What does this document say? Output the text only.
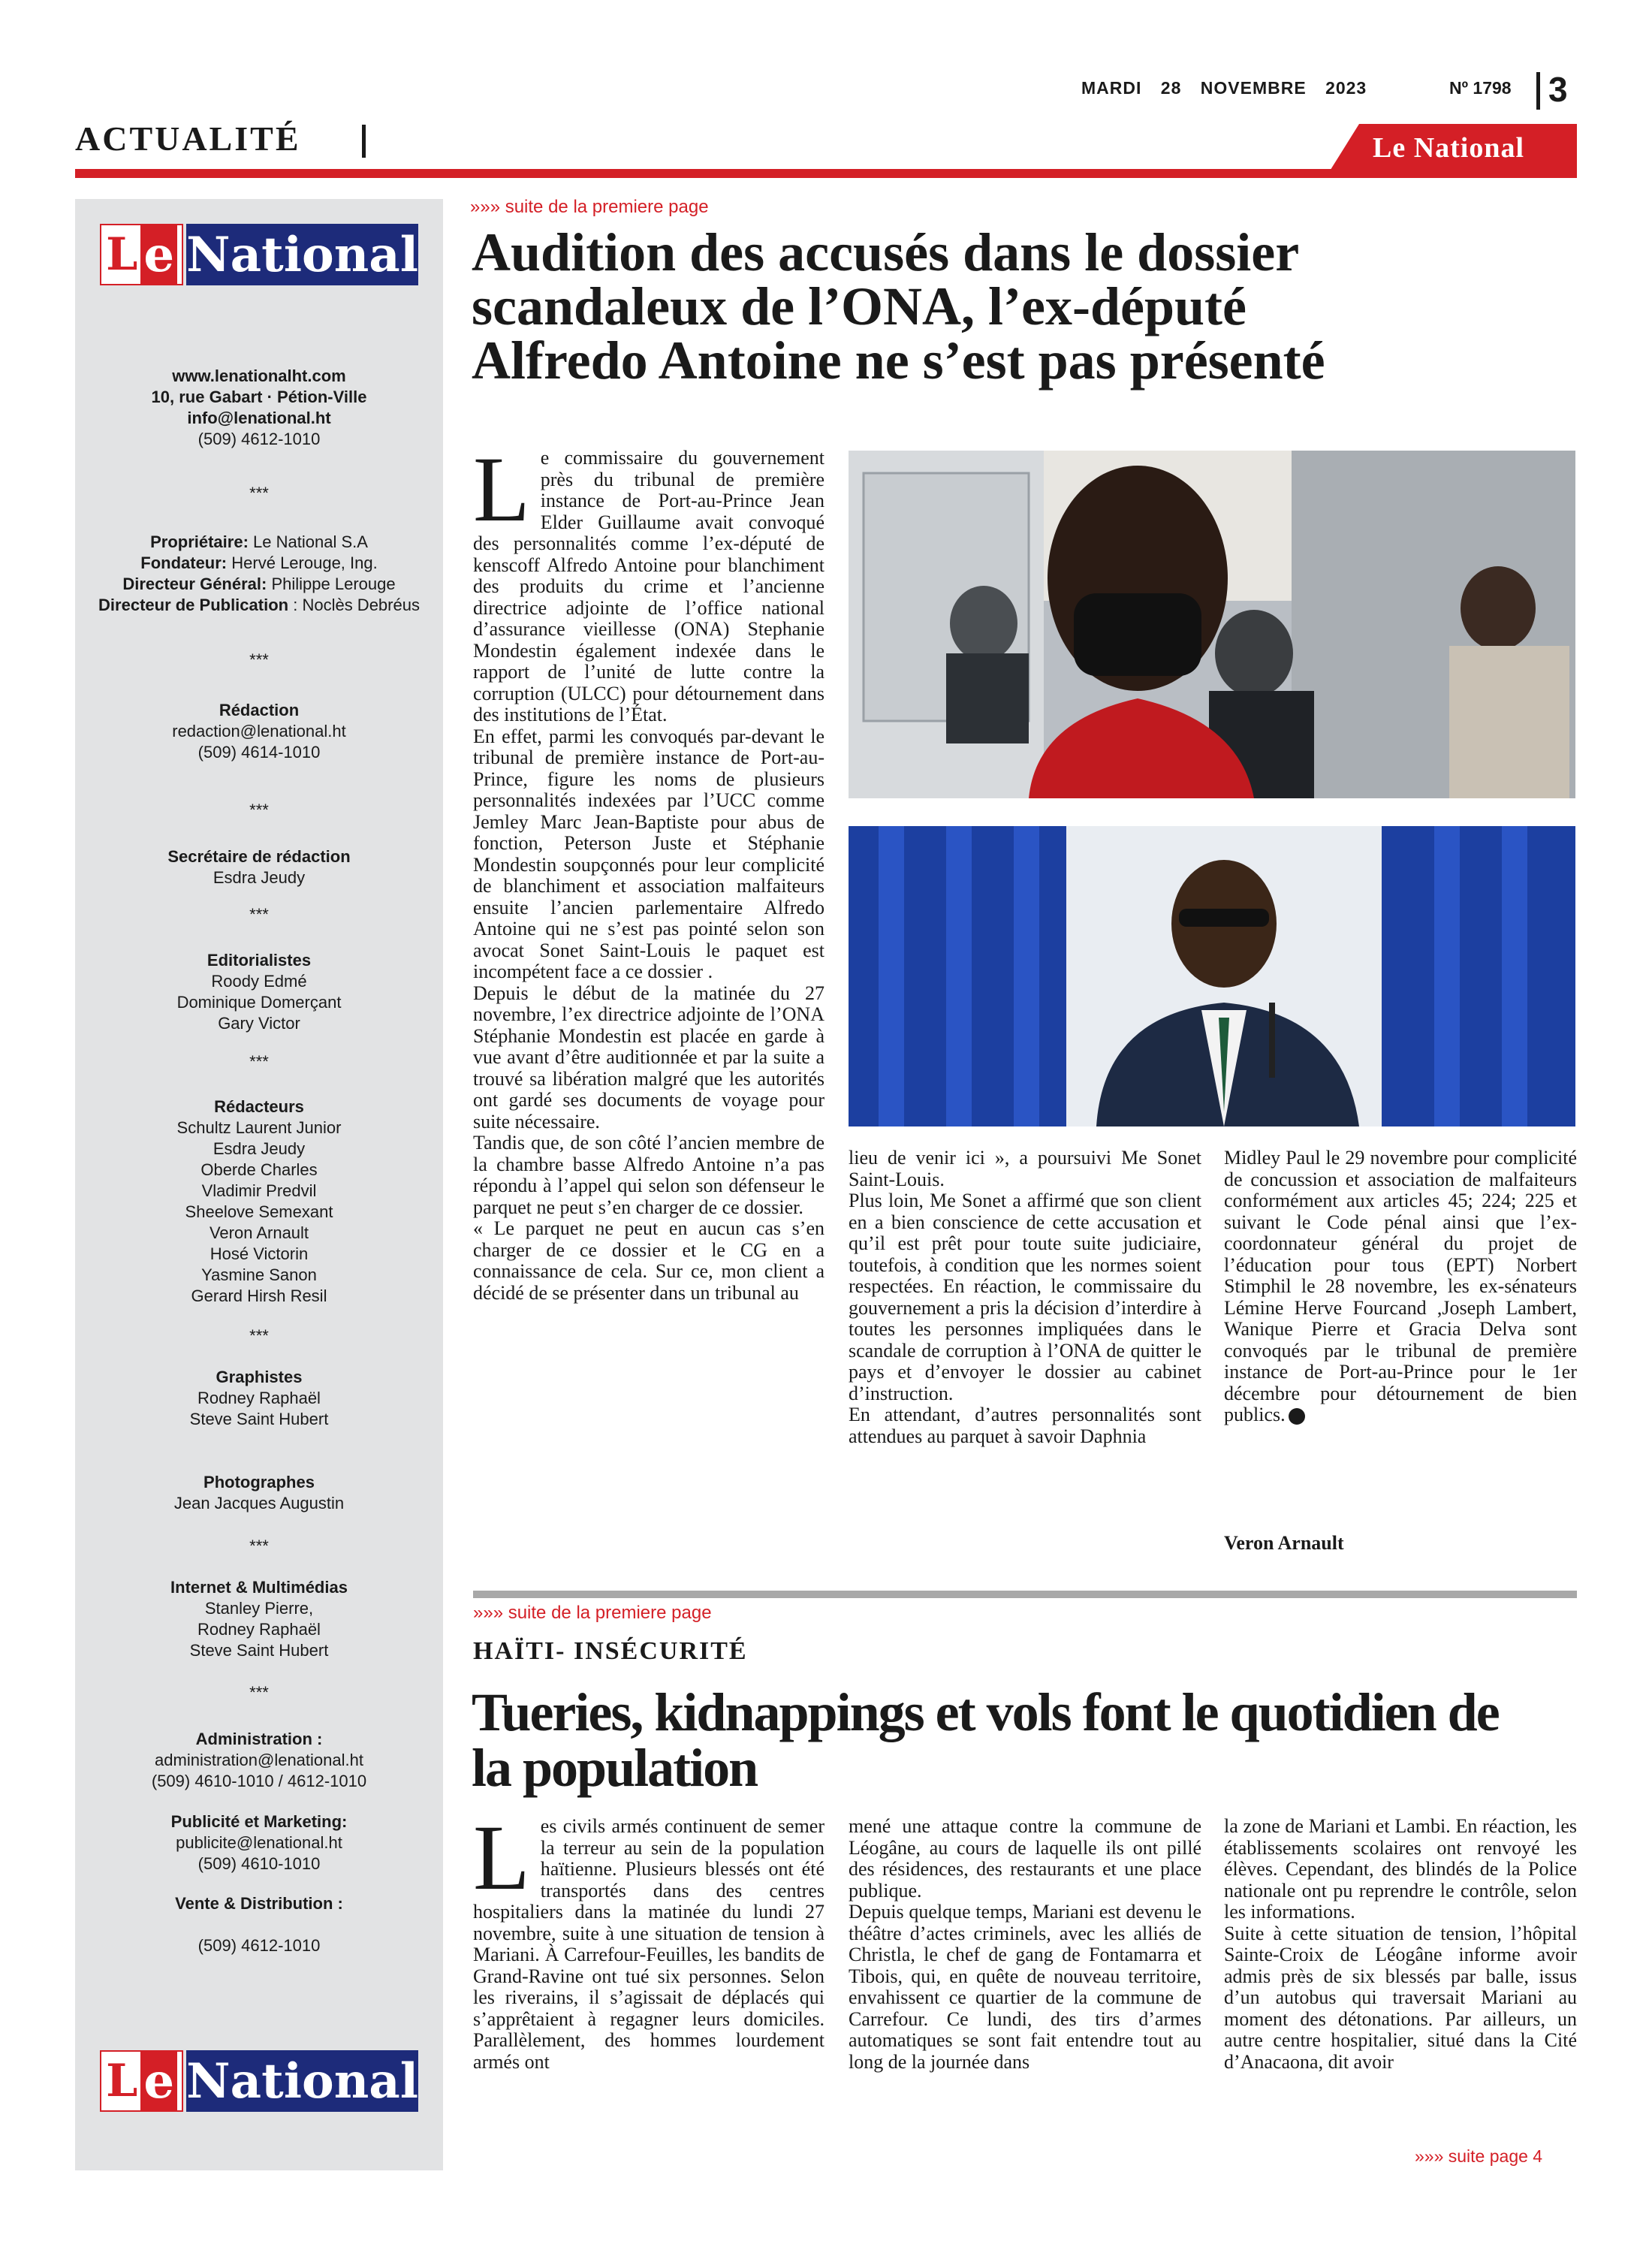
MARDI 28 NOVEMBRE 2023	Nº 1798 3
ACTUALITÉ	Le National
L e National
www.lenationalht.com
10, rue Gabart · Pétion-Ville
info@lenational.ht
(509) 4612-1010
***
Propriétaire: Le National S.A
Fondateur: Hervé Lerouge, Ing.
Directeur Général: Philippe Lerouge
Directeur de Publication : Noclès Debréus
***
Rédaction
redaction@lenational.ht
(509) 4614-1010
***
Secrétaire de rédaction
Esdra Jeudy
***
Editorialistes
Roody Edmé
Dominique Domerçant
Gary Victor
***
Rédacteurs
Schultz Laurent Junior
Esdra Jeudy
Oberde Charles
Vladimir Predvil
Sheelove Semexant
Veron Arnault
Hosé Victorin
Yasmine Sanon
Gerard Hirsh Resil
***
Graphistes
Rodney Raphaël
Steve Saint Hubert
Photographes
Jean Jacques Augustin
***
Internet & Multimédias
Stanley Pierre,
Rodney Raphaël
Steve Saint Hubert
***
Administration :
administration@lenational.ht
(509) 4610-1010 / 4612-1010
Publicité et Marketing:
publicite@lenational.ht
(509) 4610-1010
Vente & Distribution :
(509) 4612-1010
L e National
»»» suite de la premiere page
Audition des accusés dans le dossier
scandaleux de l’ONA, l’ex-député
Alfredo Antoine ne s’est pas présenté
L e commissaire du gouvernement près du tribunal de première instance de Port-au-Prince Jean Elder Guillaume avait convoqué des personnalités comme l’ex-député de kenscoff Alfredo Antoine pour blanchiment des produits du crime et l’ancienne directrice adjointe de l’office national d’assurance vieillesse (ONA) Stephanie Mondestin également indexée dans le rapport de l’unité de lutte contre la corruption (ULCC) pour détournement dans des institutions de l’État.

En effet, parmi les convoqués par-devant le tribunal de première instance de Port-au-Prince, figure les noms de plusieurs personnalités indexées par l’UCC comme Jemley Marc Jean-Baptiste pour abus de fonction, Peterson Juste et Stéphanie Mondestin soupçonnés pour leur complicité de blanchiment et association malfaiteurs ensuite l’ancien parlementaire Alfredo Antoine qui ne s’est pas pointé selon son avocat Sonet Saint-Louis le paquet est incompétent face a ce dossier .

Depuis le début de la matinée du 27 novembre, l’ex directrice adjointe de l’ONA Stéphanie Mondestin est placée en garde à vue avant d’être auditionnée et par la suite a trouvé sa libération malgré que les autorités ont gardé ses documents de voyage pour suite nécessaire.

Tandis que, de son côté l’ancien membre de la chambre basse Alfredo Antoine n’a pas répondu à l’appel qui selon son défenseur le parquet ne peut s’en charger de ce dossier.

« Le parquet ne peut en aucun cas s’en charger de ce dossier et le CG en a connaissance de cela. Sur ce, mon client a décidé de se présenter dans un tribunal au

lieu de venir ici », a poursuivi Me Sonet Saint-Louis.

Plus loin, Me Sonet a affirmé que son client en a bien conscience de cette accusation et qu’il est prêt pour toute suite judiciaire, toutefois, à condition que les normes soient respectées. En réaction, le commissaire du gouvernement a pris la décision d’interdire à toutes les personnes impliquées dans le scandale de corruption à l’ONA de quitter le pays et d’envoyer le dossier au cabinet d’instruction.

En attendant, d’autres personnalités sont attendues au parquet à savoir Daphnia

Midley Paul le 29 novembre pour complicité de concussion et association de malfaiteurs conformément aux articles 45; 224; 225 et suivant le Code pénal ainsi que l’ex-coordonnateur général du projet de l’éducation pour tous (EPT) Norbert Stimphil le 28 novembre, les ex-sénateurs Lémine Herve Fourcand ,Joseph Lambert, Wanique Pierre et Gracia Delva sont convoqués par le tribunal de première instance de Port-au-Prince pour le 1er décembre pour détournement de bien publics.

Veron Arnault
»»» suite de la premiere page
HAÏTI- INSÉCURITÉ
Tueries, kidnappings et vols font le quotidien de
la population
L es civils armés continuent de semer la terreur au sein de la population haïtienne. Plusieurs blessés ont été transportés dans des centres hospitaliers dans la matinée du lundi 27 novembre, suite à une situation de tension à Mariani. À Carrefour-Feuilles, les bandits de Grand-Ravine ont tué six personnes. Selon les riverains, il s’agissait de déplacés qui s’apprêtaient à regagner leurs domiciles. Parallèlement, des hommes lourdement armés ont

mené une attaque contre la commune de Léogâne, au cours de laquelle ils ont pillé des résidences, des restaurants et une place publique.

Depuis quelque temps, Mariani est devenu le théâtre d’actes criminels, avec les alliés de Christla, le chef de gang de Fontamarra et Tibois, qui, en quête de nouveau territoire, envahissent ce quartier de la commune de Carrefour. Ce lundi, des tirs d’armes automatiques se sont fait entendre tout au long de la journée dans

la zone de Mariani et Lambi. En réaction, les établissements scolaires ont renvoyé les élèves. Cependant, des blindés de la Police nationale ont pu reprendre le contrôle, selon les informations.

Suite à cette situation de tension, l’hôpital Sainte-Croix de Léogâne informe avoir admis près de six blessés par balle, issus d’un autobus qui traversait Mariani au moment des détonations. Par ailleurs, un autre centre hospitalier, situé dans la Cité d’Anacaona, dit avoir

»»» suite page 4
